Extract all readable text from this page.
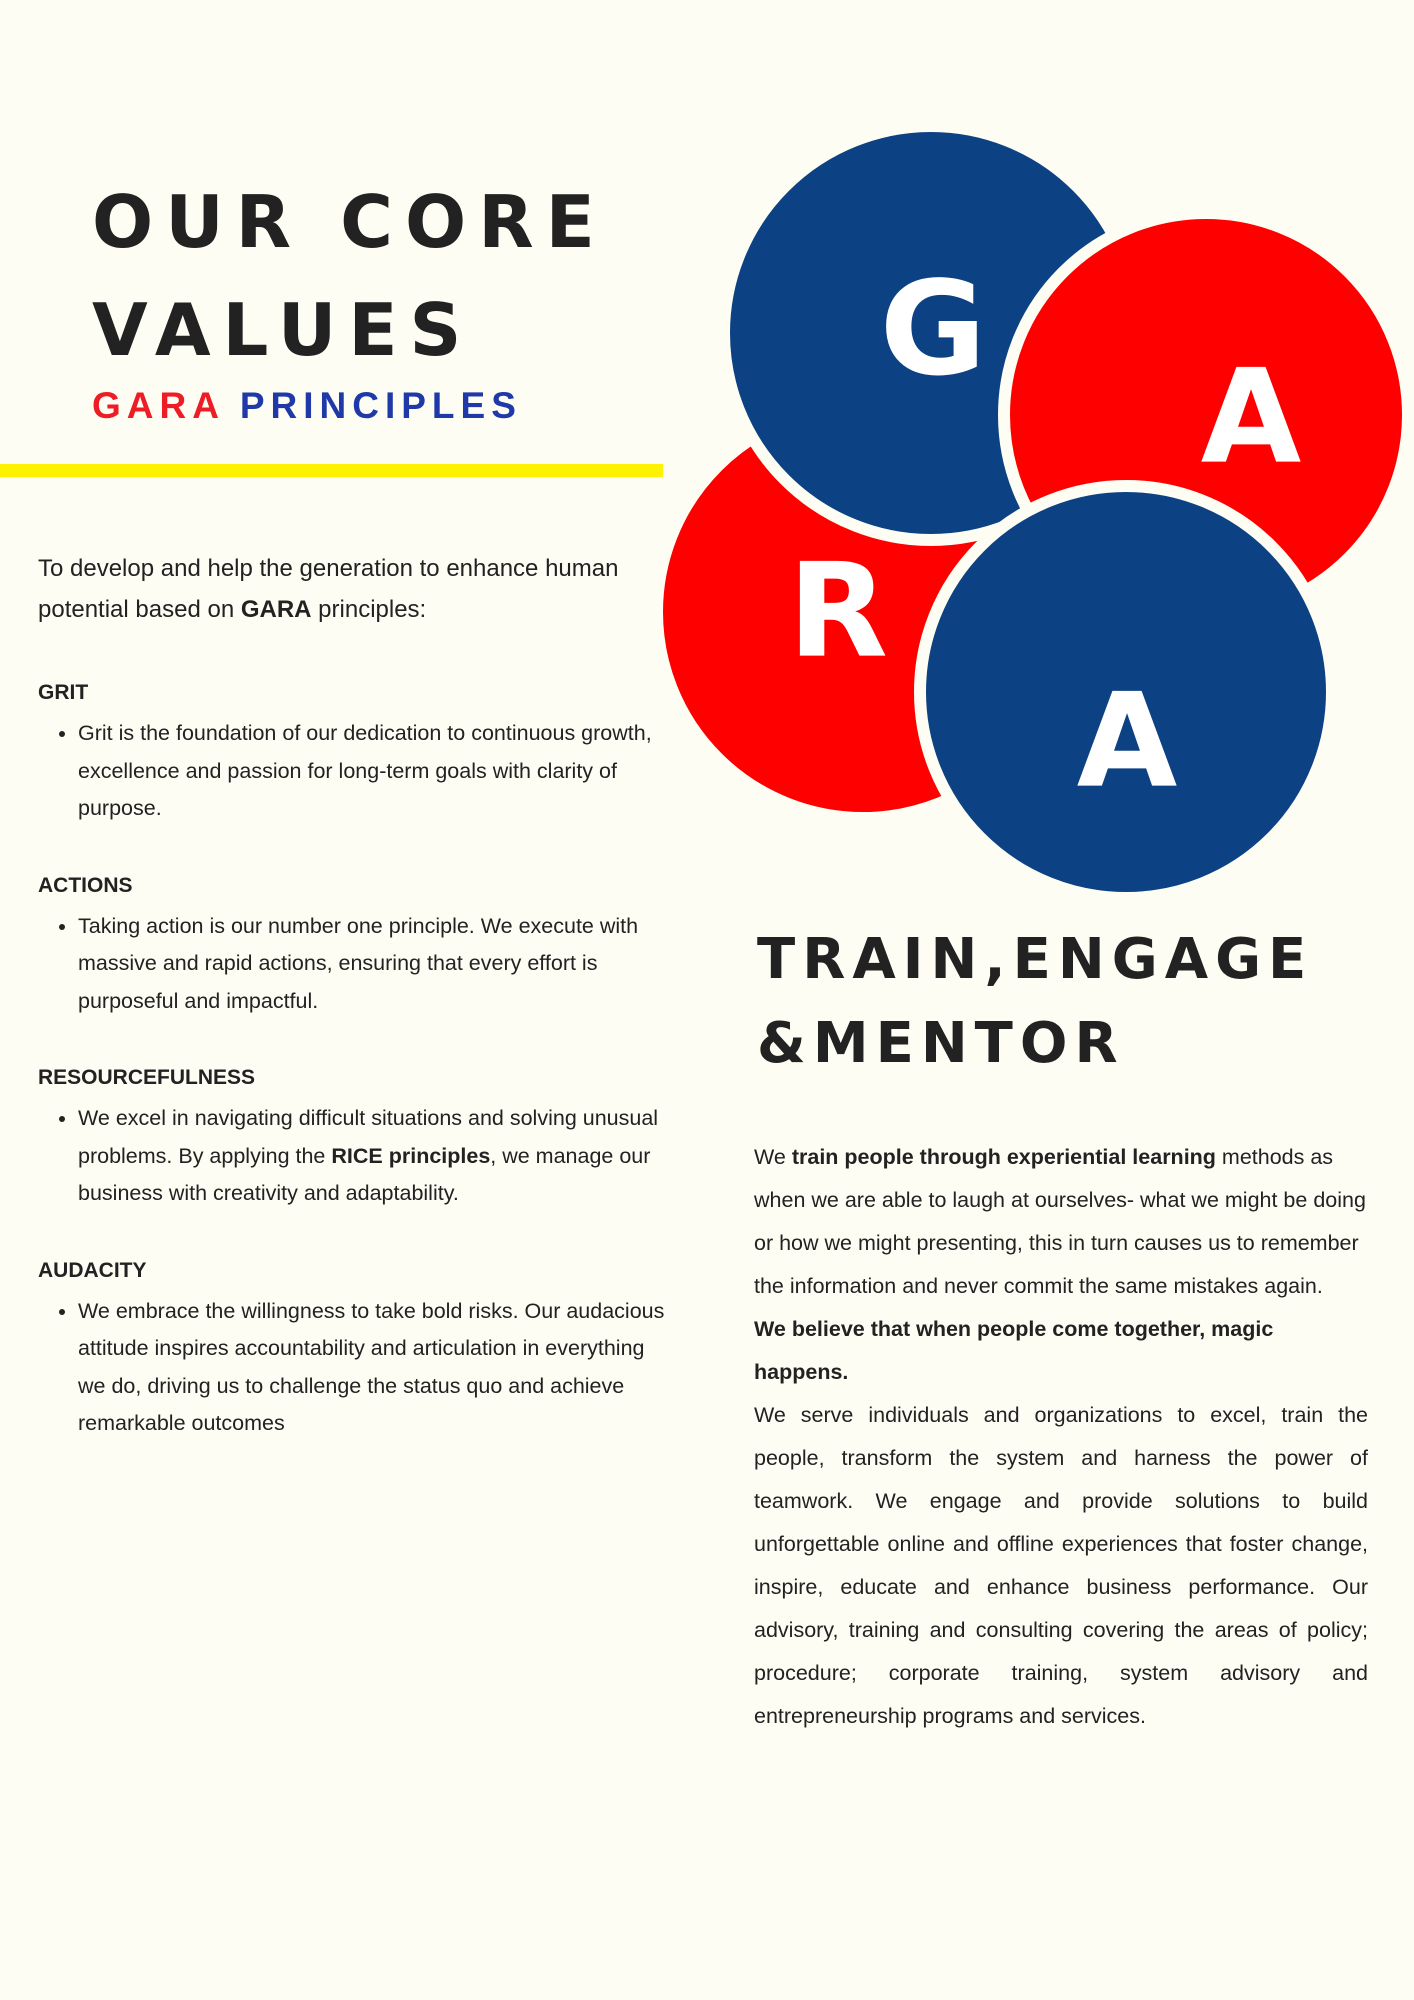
OUR CORE
VALUES

GARA PRINCIPLES

To develop and help the generation to enhance human potential based on GARA principles:

GRIT

• Grit is the foundation of our dedication to continuous growth, excellence and passion for long-term goals with clarity of purpose.

ACTIONS

• Taking action is our number one principle. We execute with massive and rapid actions, ensuring that every effort is purposeful and impactful.

RESOURCEFULNESS

• We excel in navigating difficult situations and solving unusual problems. By applying the RICE principles, we manage our business with creativity and adaptability.

AUDACITY

• We embrace the willingness to take bold risks. Our audacious attitude inspires accountability and articulation in everything we do, driving us to challenge the status quo and achieve remarkable outcomes
G
A
R
A
TRAIN,ENGAGE
&MENTOR

We train people through experiential learning methods as when we are able to laugh at ourselves- what we might be doing or how we might presenting, this in turn causes us to remember the information and never commit the same mistakes again.

We believe that when people come together, magic happens.

We serve individuals and organizations to excel, train the people, transform the system and harness the power of teamwork. We engage and provide solutions to build unforgettable online and offline experiences that foster change, inspire, educate and enhance business performance. Our advisory, training and consulting covering the areas of policy; procedure; corporate training, system advisory and entrepreneurship programs and services.
